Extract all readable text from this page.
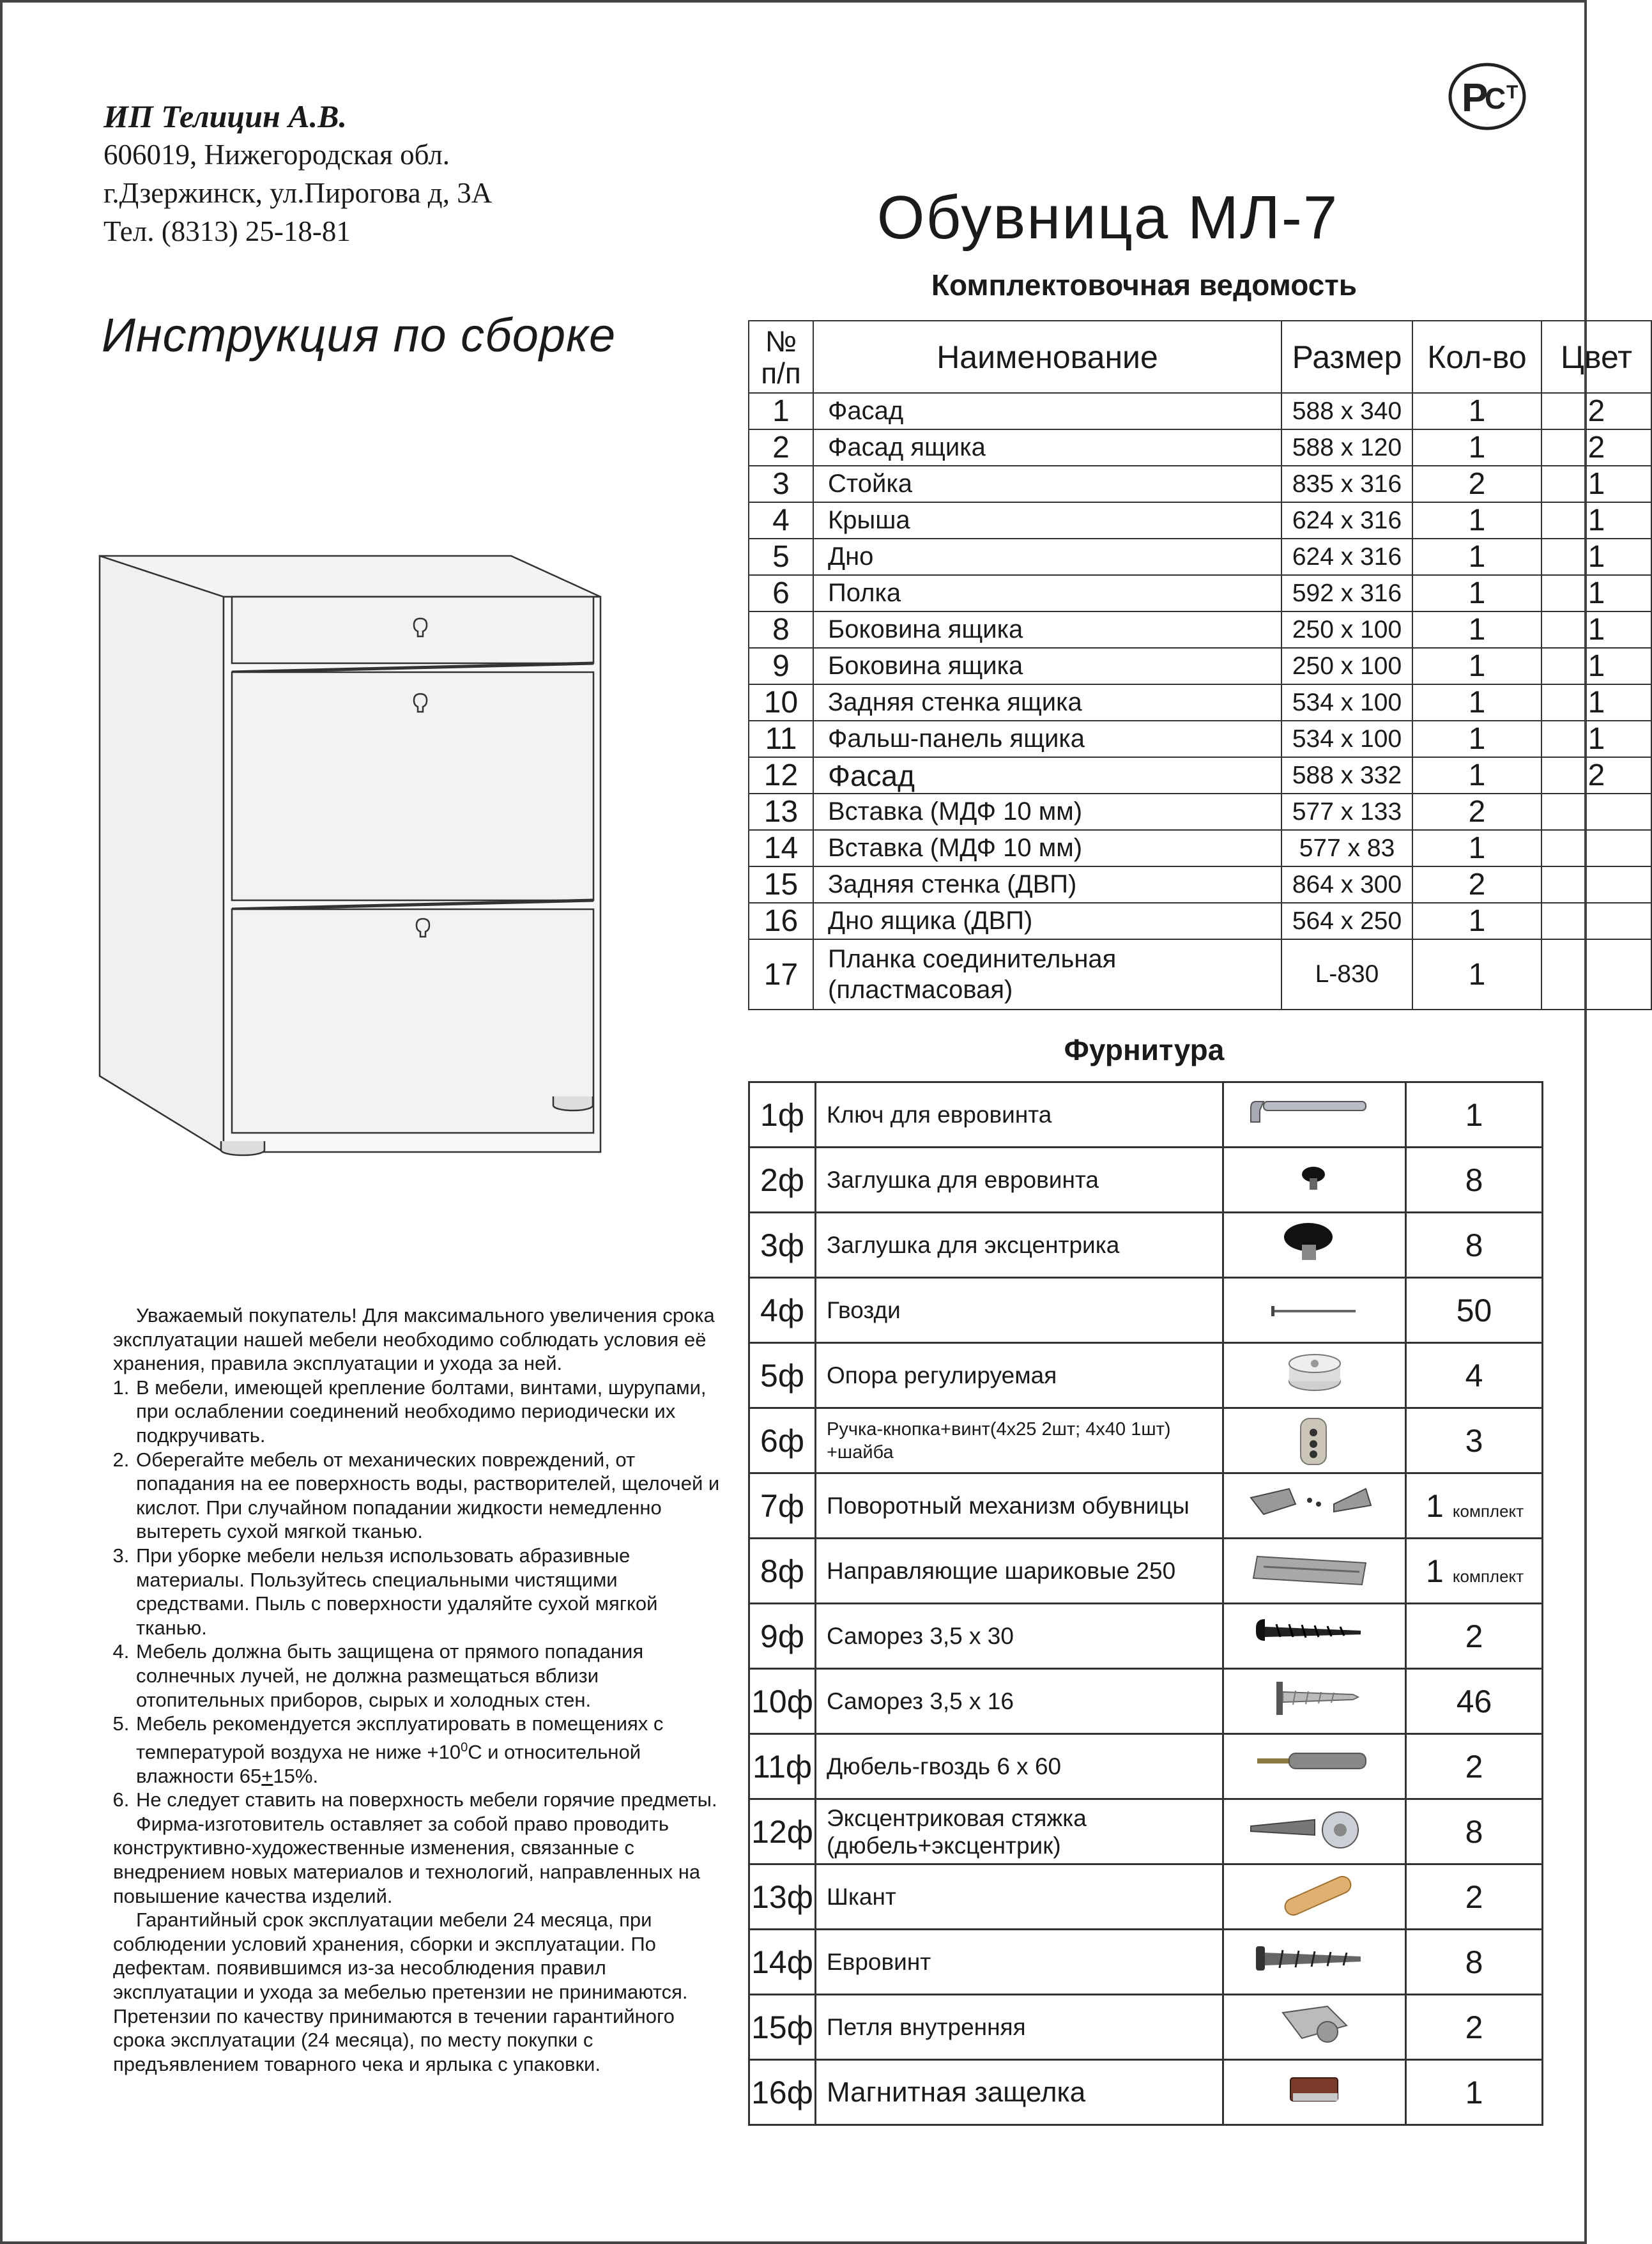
ИП Телицин А.В.
606019, Нижегородская обл.
г.Дзержинск, ул.Пирогова д, 3А
Тел. (8313) 25-18-81
Р
С Т
Инструкция по сборке
Обувница МЛ-7
Комплектовочная ведомость
№
п/п	Наименование	Размер	Кол-во	Цвет
1	Фасад	588 х 340	1	2
2	Фасад ящика	588 х 120	1	2
3	Стойка	835 х 316	2	1
4	Крыша	624 х 316	1	1
5	Дно	624 х 316	1	1
6	Полка	592 х 316	1	1
8	Боковина ящика	250 х 100	1	1
9	Боковина ящика	250 х 100	1	1
10	Задняя стенка ящика	534 х 100	1	1
11	Фальш-панель ящика	534 х 100	1	1
12	Фасад	588 х 332	1	2
13	Вставка (МДФ 10 мм)	577 х 133	2	
14	Вставка (МДФ 10 мм)	577 х 83	1	
15	Задняя стенка (ДВП)	864 х 300	2	
16	Дно ящика (ДВП)	564 х 250	1	
17	Планка соединительная
(пластмасовая)	L-830	1	
Фурнитура
1ф	Ключ для евровинта		1
2ф	Заглушка для евровинта		8
3ф	Заглушка для эксцентрика		8
4ф	Гвозди		50
5ф	Опора регулируемая		4
6ф	Ручка-кнопка+винт(4х25 2шт; 4х40 1шт)
+шайба		3
7ф	Поворотный механизм обувницы		1 комплект
8ф	Направляющие шариковые 250		1 комплект
9ф	Саморез 3,5 х 30		2
10ф	Саморез 3,5 х 16		46
11ф	Дюбель-гвоздь 6 х 60		2
12ф	Эксцентриковая стяжка
(дюбель+эксцентрик)		8
13ф	Шкант		2
14ф	Евровинт		8
15ф	Петля внутренняя		2
16ф	Магнитная защелка		1

Уважаемый покупатель! Для максимального увеличения срока эксплуатации нашей мебели необходимо соблюдать условия её хранения, правила эксплуатации и ухода за ней.

1. В мебели, имеющей крепление болтами, винтами, шурупами, при ослаблении соединений необходимо периодически их подкручивать.
2. Оберегайте мебель от механических повреждений, от попадания на ее поверхность воды, растворителей, щелочей и кислот. При случайном попадании жидкости немедленно вытереть сухой мягкой тканью.
3. При уборке мебели нельзя использовать абразивные материалы. Пользуйтесь специальными чистящими средствами. Пыль с поверхности удаляйте сухой мягкой тканью.
4. Мебель должна быть защищена от прямого попадания солнечных лучей, не должна размещаться вблизи отопительных приборов, сырых и холодных стен.
5. Мебель рекомендуется эксплуатировать в помещениях с температурой воздуха не ниже $+10^0С$ и относительной влажности 65+15%.
6. Не следует ставить на поверхность мебели горячие предметы.

Фирма-изготовитель оставляет за собой право проводить конструктивно-художественные изменения, связанные с внедрением новых материалов и технологий, направленных на повышение качества изделий.

Гарантийный срок эксплуатации мебели 24 месяца, при соблюдении условий хранения, сборки и эксплуатации. По дефектам. появившимся из-за несоблюдения правил эксплуатации и ухода за мебелью претензии не принимаются. Претензии по качеству принимаются в течении гарантийного срока эксплуатации (24 месяца), по месту покупки с предъявлением товарного чека и ярлыка с упаковки.
